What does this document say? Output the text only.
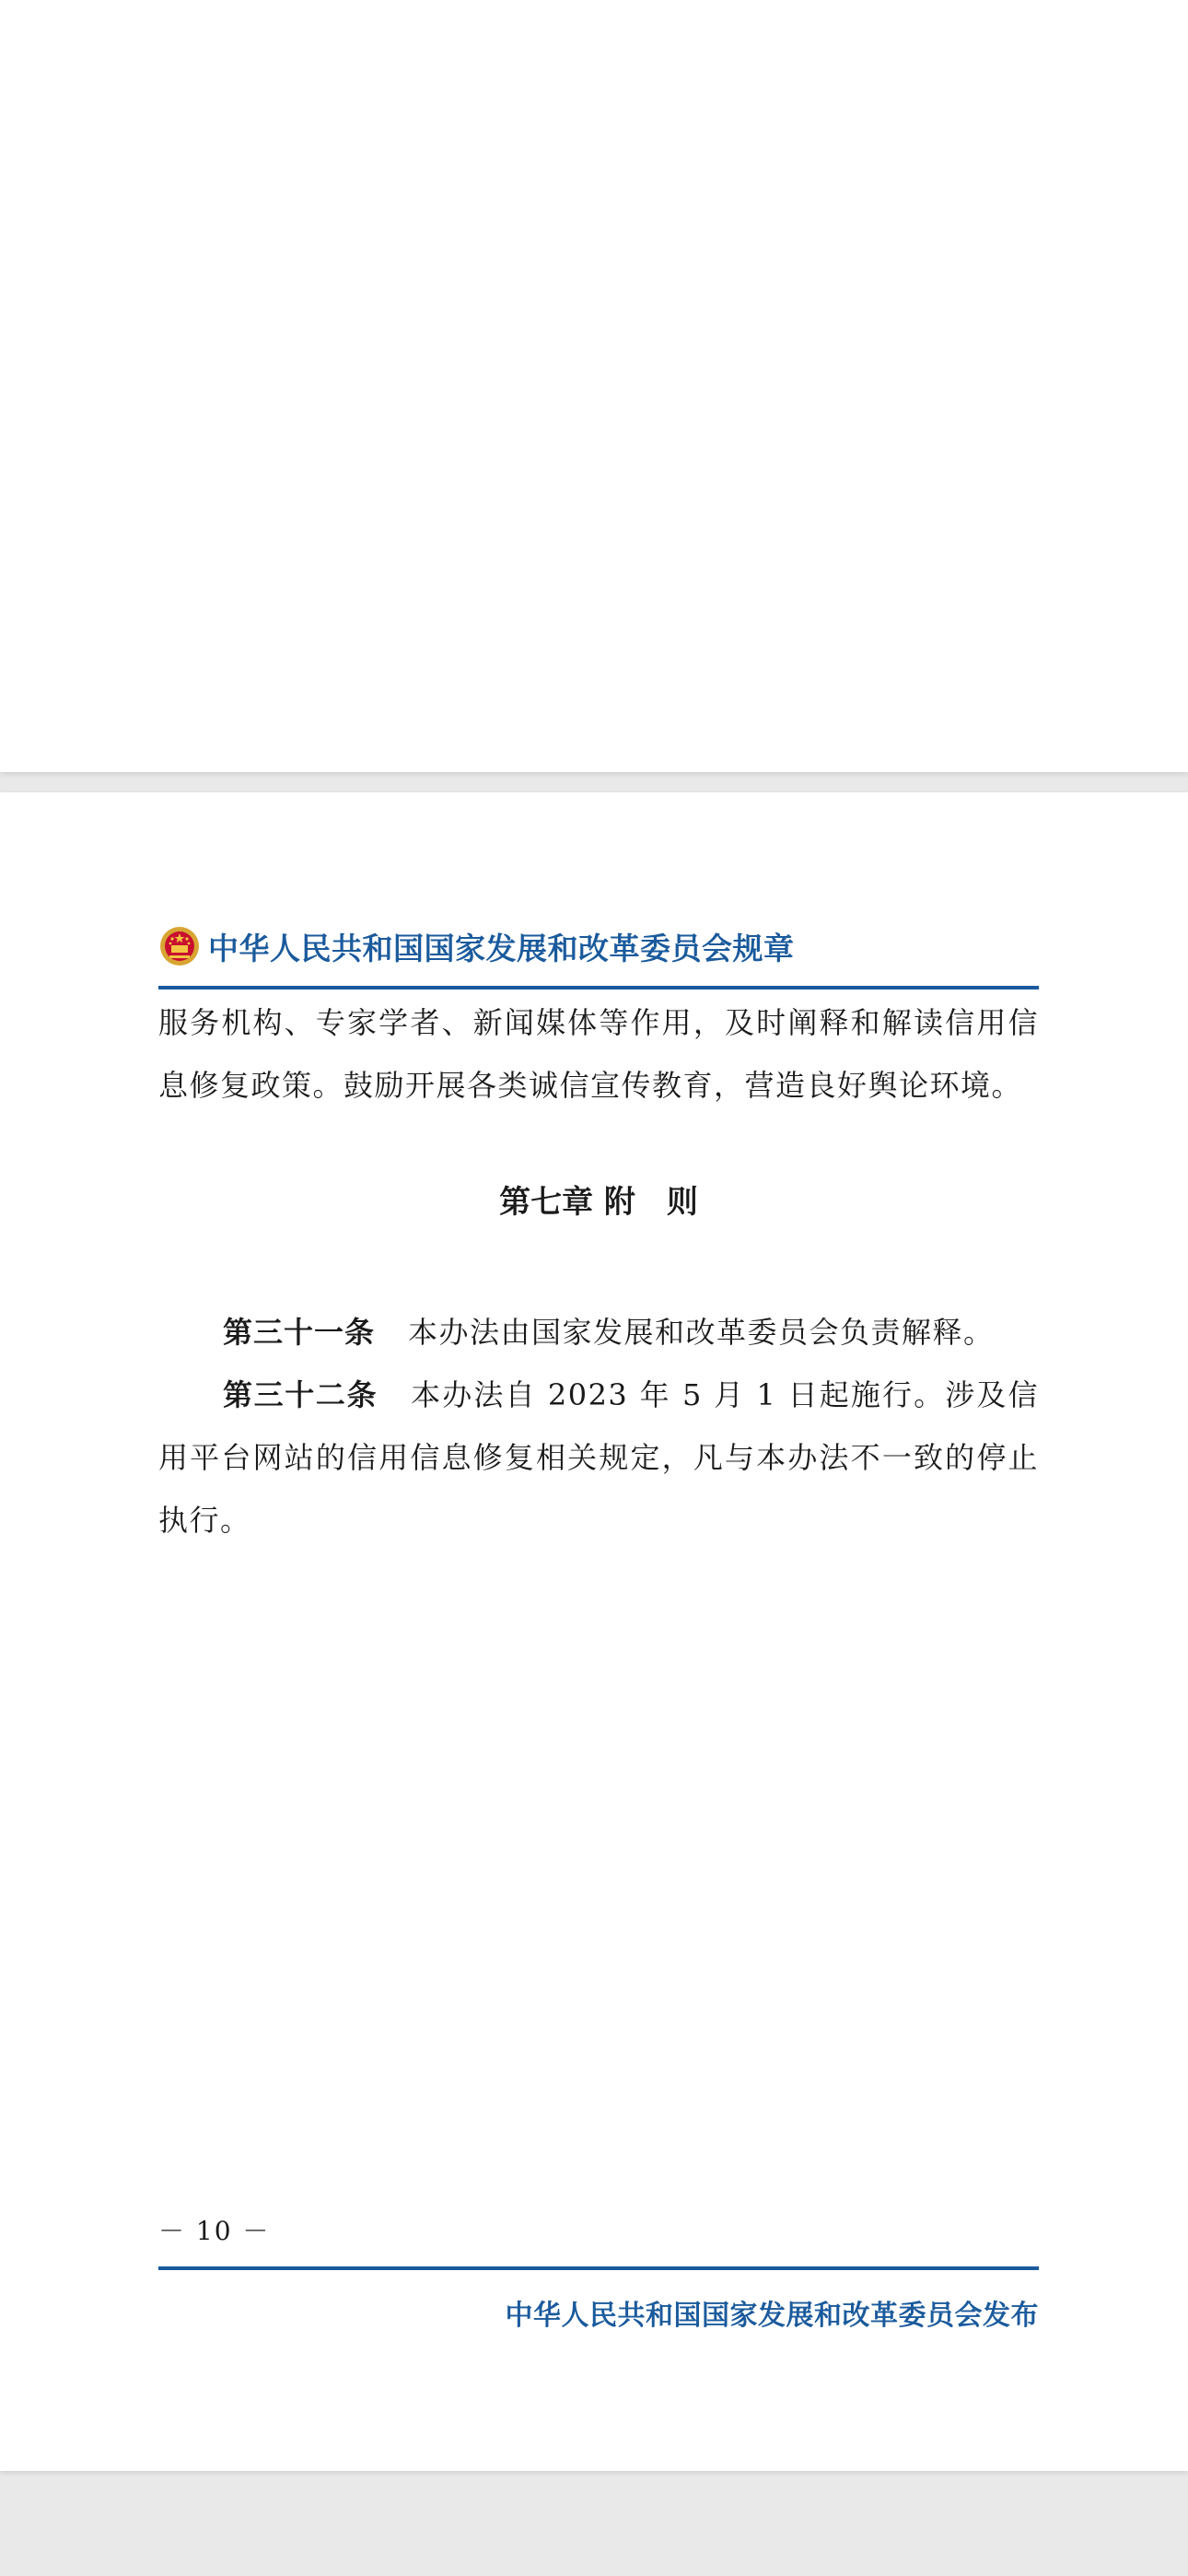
中华人民共和国国家发展和改革委员会规章
服务机构、专家学者、新闻媒体等作用，及时阐释和解读信用信息修复政策。鼓励开展各类诚信宣传教育，营造良好舆论环境。
第七章 附　则
第三十一条 本办法由国家发展和改革委员会负责解释。
第三十二条 本办法自 2023 年 5 月 1 日起施行。涉及信用平台网站的信用信息修复相关规定，凡与本办法不一致的停止执行。
－ 10 －
中华人民共和国国家发展和改革委员会发布
